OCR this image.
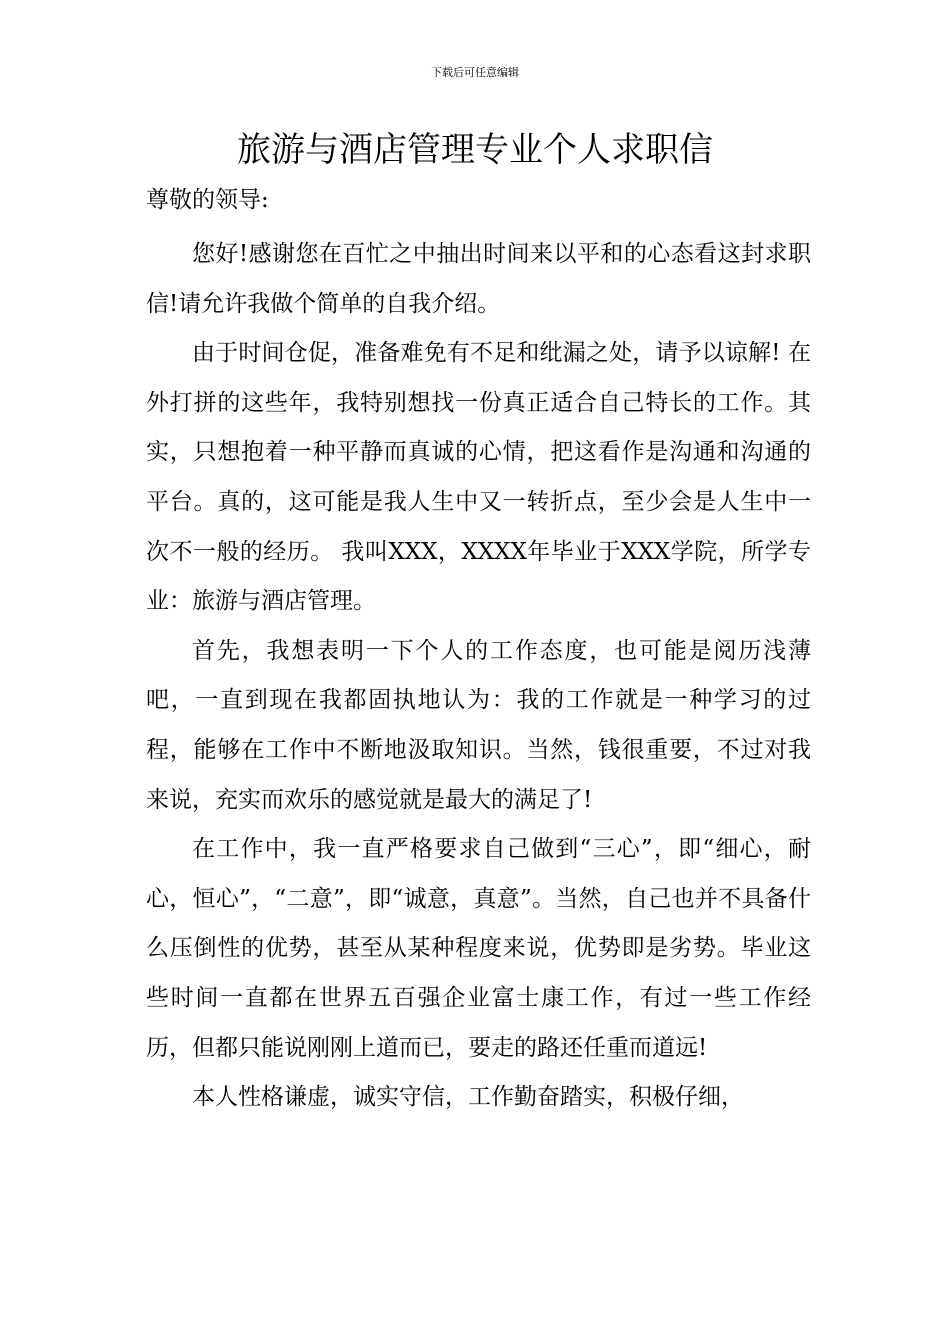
下载后可任意编辑
旅游与酒店管理专业个人求职信

尊敬的领导:

您好!感谢您在百忙之中抽出时间来以平和的心态看这封求职信!请允许我做个简单的自我介绍。

由于时间仓促，准备难免有不足和纰漏之处，请予以谅解! 在外打拼的这些年，我特别想找一份真正适合自己特长的工作。其实，只想抱着一种平静而真诚的心情，把这看作是沟通和沟通的平台。真的，这可能是我人生中又一转折点，至少会是人生中一次不一般的经历。 我叫XXX，XXXX年毕业于XXX学院，所学专业：旅游与酒店管理。

首先，我想表明一下个人的工作态度，也可能是阅历浅薄吧，一直到现在我都固执地认为：我的工作就是一种学习的过程，能够在工作中不断地汲取知识。当然，钱很重要，不过对我来说，充实而欢乐的感觉就是最大的满足了!

在工作中，我一直严格要求自己做到“三心”，即“细心，耐心，恒心”，“二意”，即“诚意，真意”。当然，自己也并不具备什么压倒性的优势，甚至从某种程度来说，优势即是劣势。毕业这些时间一直都在世界五百强企业富士康工作，有过一些工作经历，但都只能说刚刚上道而已，要走的路还任重而道远!

本人性格谦虚，诚实守信，工作勤奋踏实，积极仔细，
